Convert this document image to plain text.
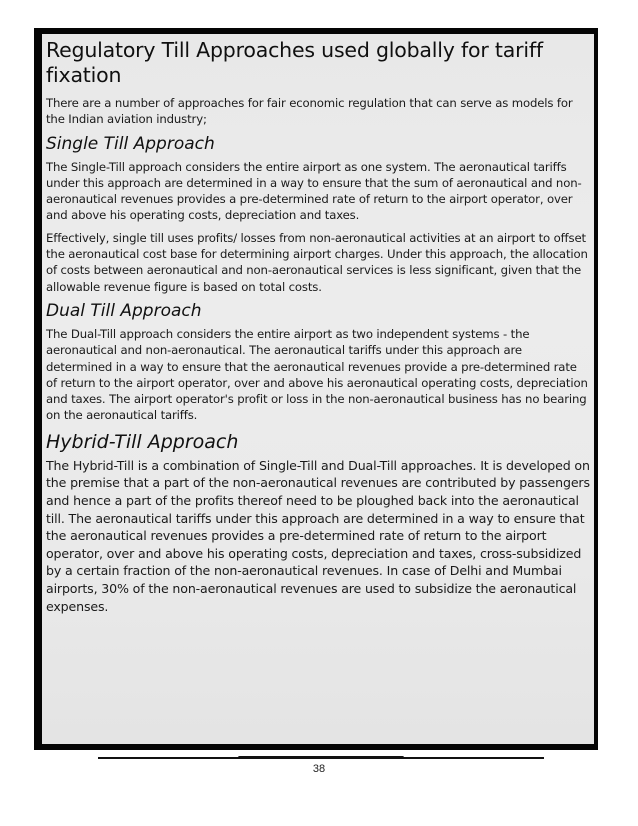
Regulatory Till Approaches used globally for tariff fixation

There are a number of approaches for fair economic regulation that can serve as models for the Indian aviation industry;

Single Till Approach

The Single-Till approach considers the entire airport as one system. The aeronautical tariffs under this approach are determined in a way to ensure that the sum of aeronautical and non-aeronautical revenues provides a pre-determined rate of return to the airport operator, over and above his operating costs, depreciation and taxes.

Effectively, single till uses profits/ losses from non-aeronautical activities at an airport to offset the aeronautical cost base for determining airport charges. Under this approach, the allocation of costs between aeronautical and non-aeronautical services is less significant, given that the allowable revenue figure is based on total costs.

Dual Till Approach

The Dual-Till approach considers the entire airport as two independent systems - the aeronautical and non-aeronautical. The aeronautical tariffs under this approach are determined in a way to ensure that the aeronautical revenues provide a pre-determined rate of return to the airport operator, over and above his aeronautical operating costs, depreciation and taxes. The airport operator's profit or loss in the non-aeronautical business has no bearing on the aeronautical tariffs.

Hybrid-Till Approach

The Hybrid-Till is a combination of Single-Till and Dual-Till approaches. It is developed on the premise that a part of the non-aeronautical revenues are contributed by passengers and hence a part of the profits thereof need to be ploughed back into the aeronautical till. The aeronautical tariffs under this approach are determined in a way to ensure that the aeronautical revenues provides a pre-determined rate of return to the airport operator, over and above his operating costs, depreciation and taxes, cross-subsidized by a certain fraction of the non-aeronautical revenues. In case of Delhi and Mumbai airports, 30% of the non-aeronautical revenues are used to subsidize the aeronautical expenses.

38
